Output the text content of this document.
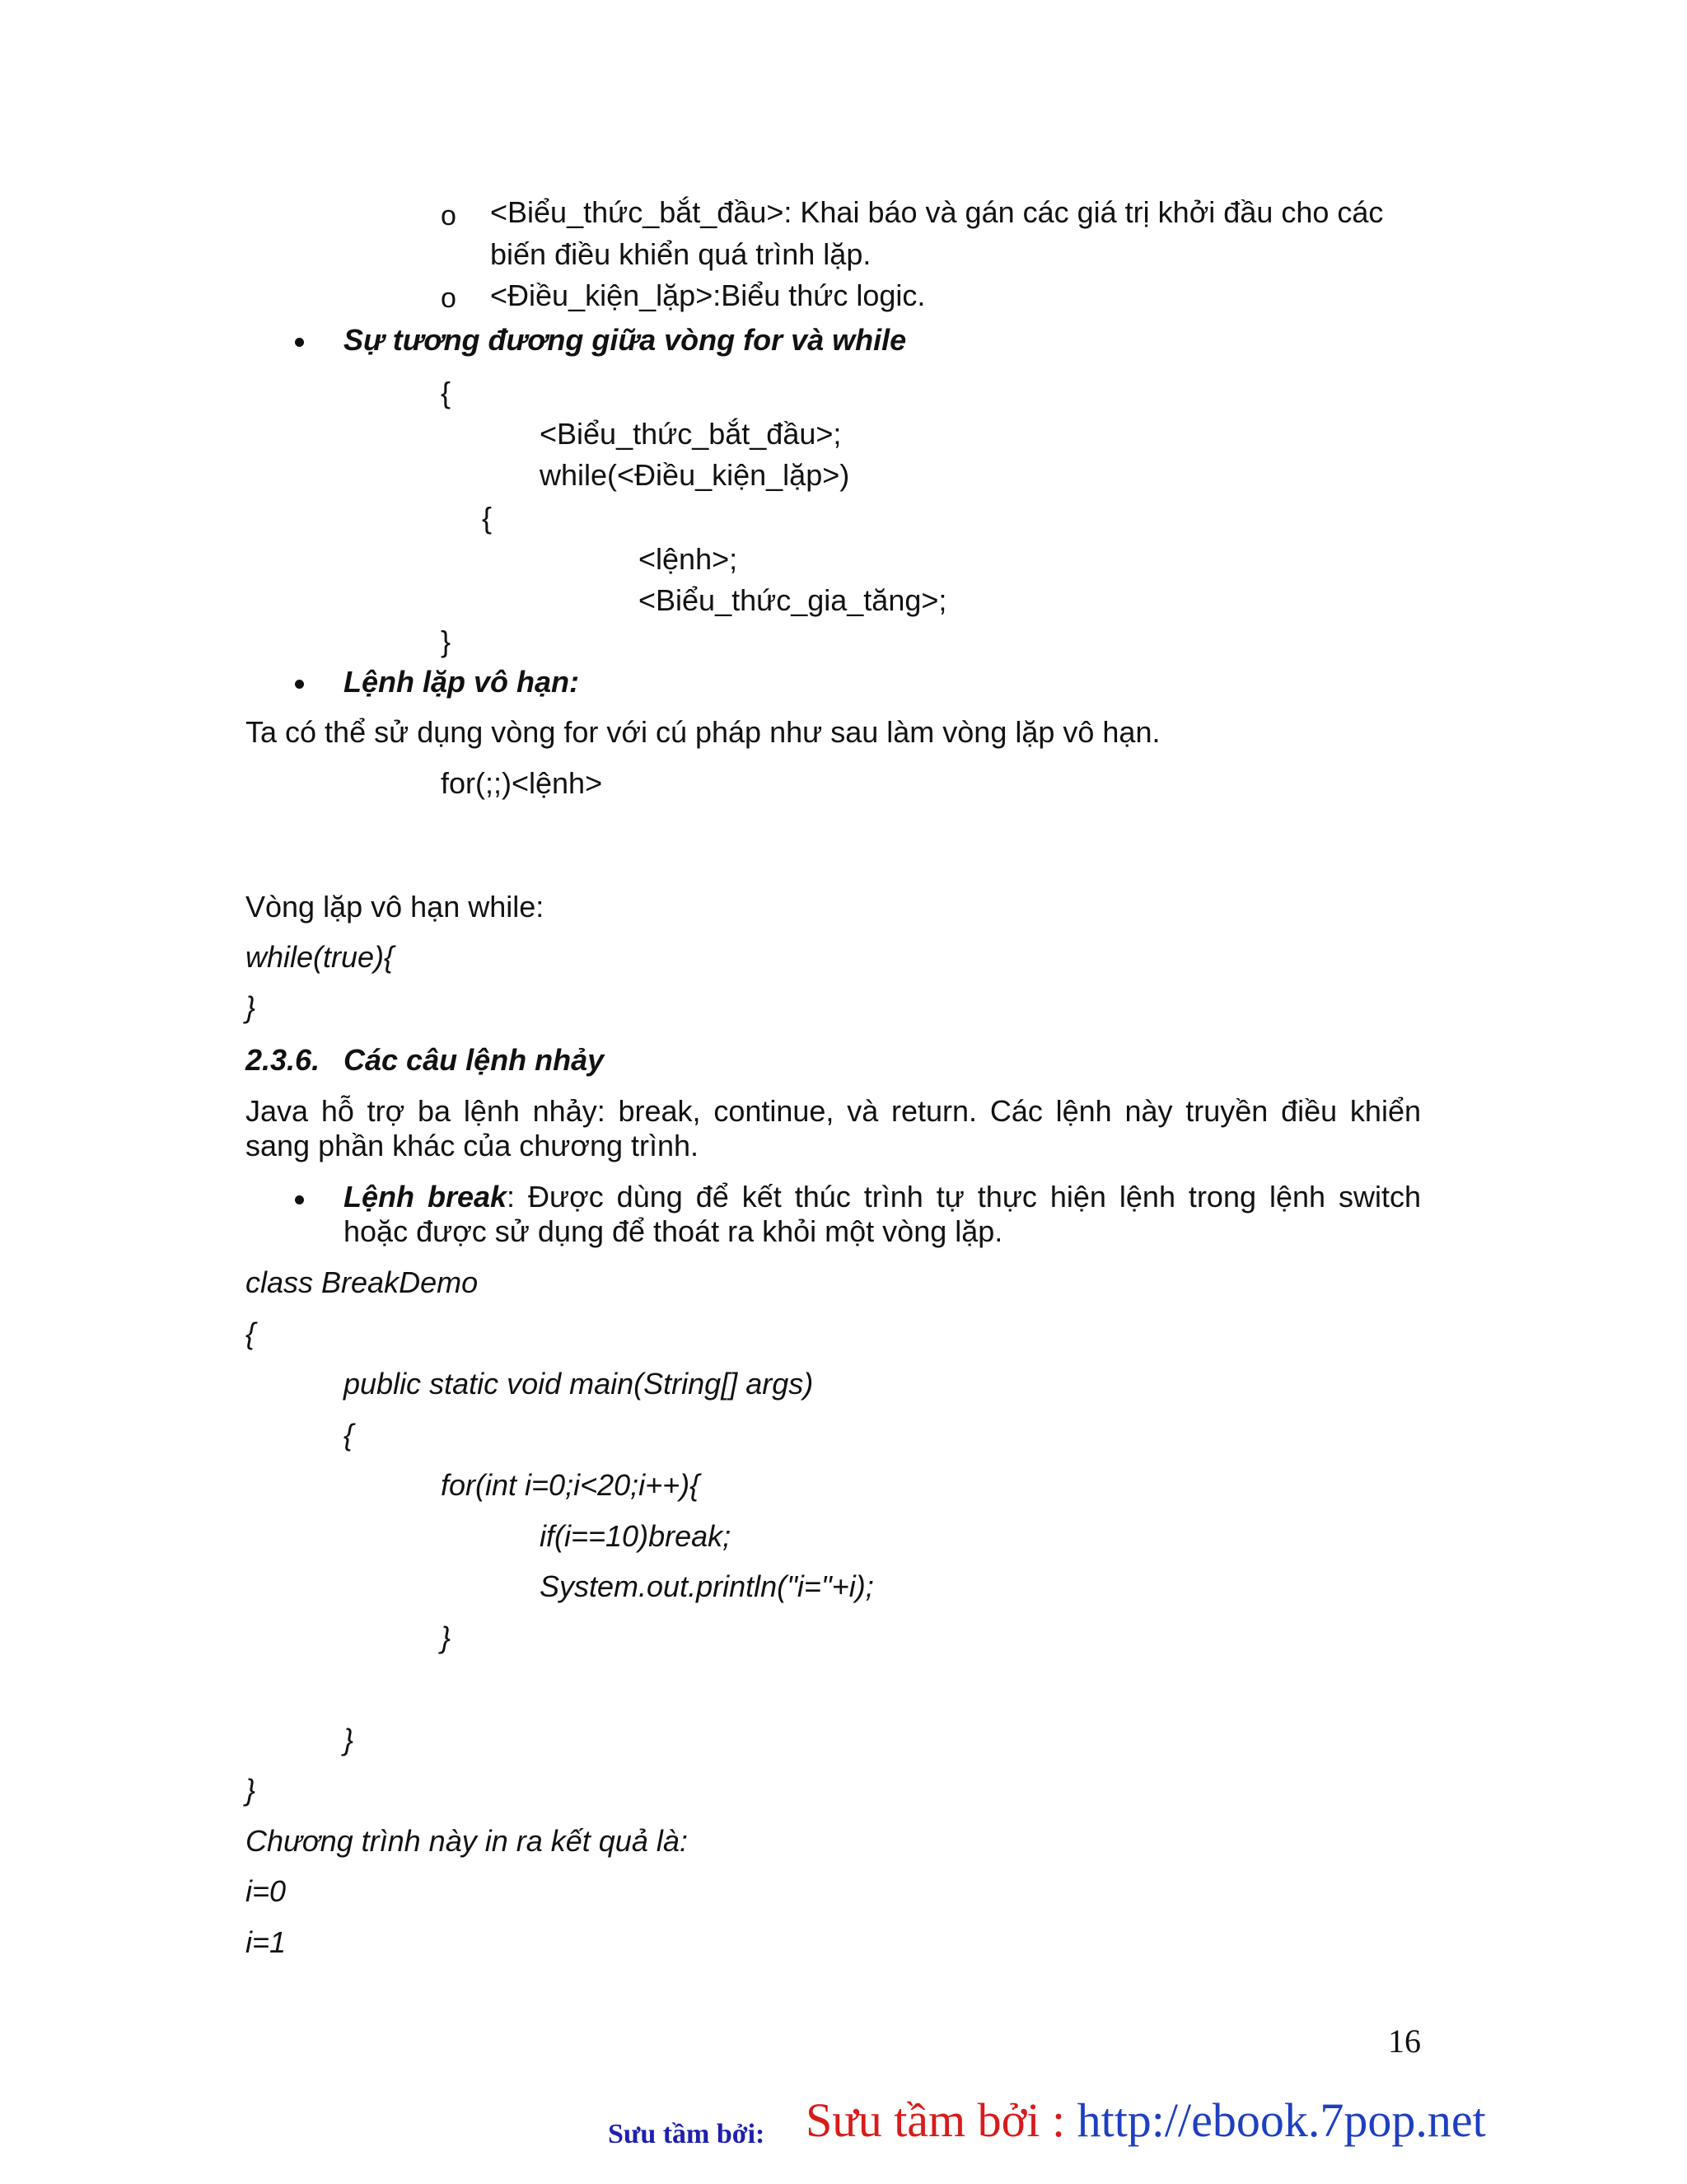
o <Biểu_thức_bắt_đầu>: Khai báo và gán các giá trị khởi đầu cho các
biến điều khiển quá trình lặp.
o <Điều_kiện_lặp>:Biểu thức logic.
Sự tương đương giữa vòng for và while
{
<Biểu_thức_bắt_đầu>;
while(<Điều_kiện_lặp>)
{
<lệnh>;
<Biểu_thức_gia_tăng>;
}
Lệnh lặp vô hạn:
Ta có thể sử dụng vòng for với cú pháp như sau làm vòng lặp vô hạn.
for(;;)<lệnh>
Vòng lặp vô hạn while:
while(true){
}
2.3.6. Các câu lệnh nhảy
Java hỗ trợ ba lệnh nhảy: break, continue, và return. Các lệnh này truyền điều khiển sang phần khác của chương trình.
Lệnh break: Được dùng để kết thúc trình tự thực hiện lệnh trong lệnh switch hoặc được sử dụng để thoát ra khỏi một vòng lặp.
class BreakDemo
{
public static void main(String[] args)
{
for(int i=0;i<20;i++){
if(i==10)break;
System.out.println("i="+i);
}
}
}
Chương trình này in ra kết quả là:
i=0
i=1
16
Sưu tầm bởi: Sưu tầm bởi : http://ebook.7pop.net
